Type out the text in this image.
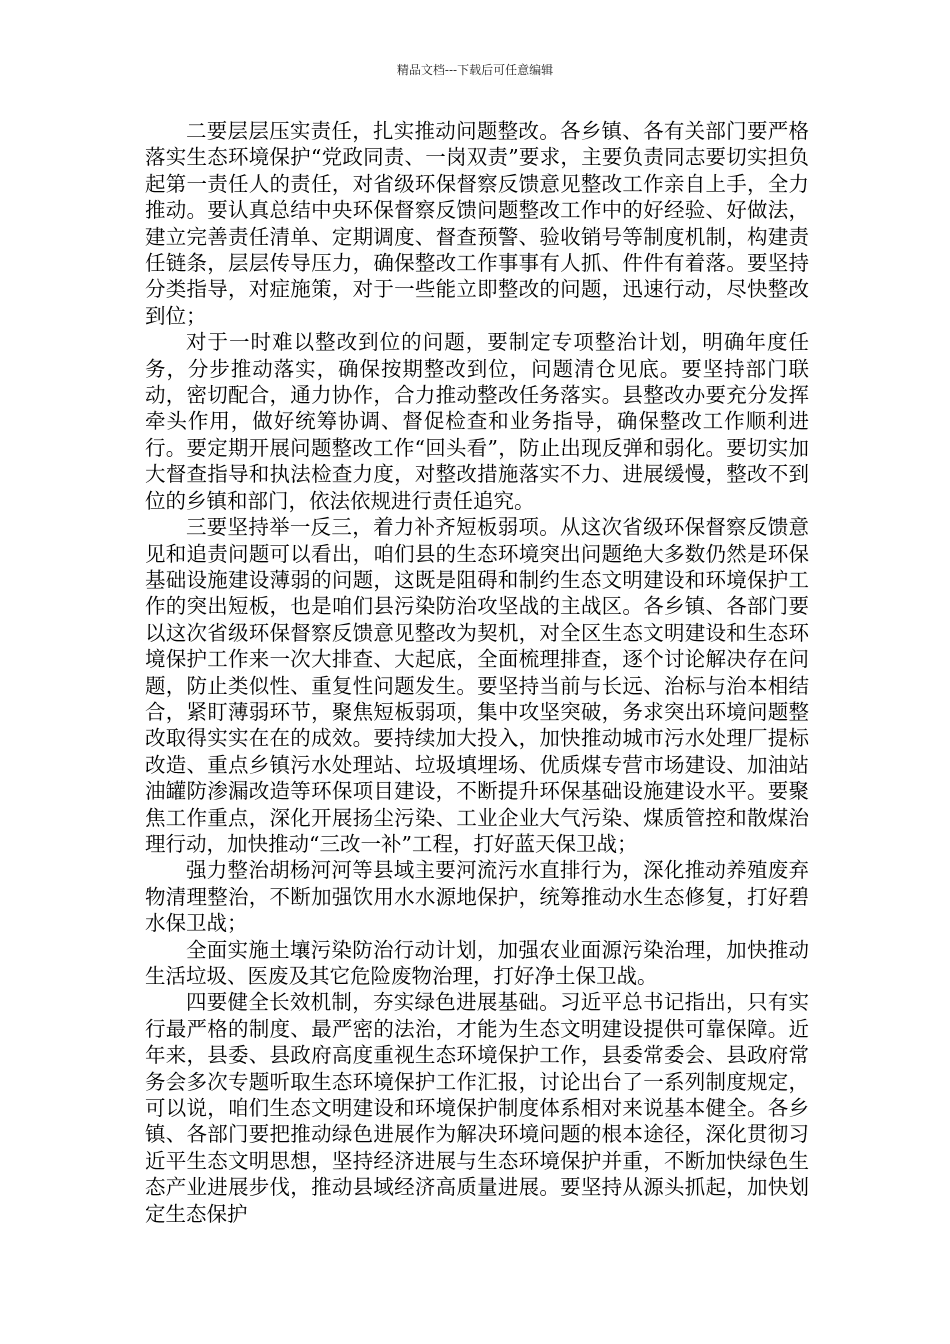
精品文档---下载后可任意编辑

二要层层压实责任，扎实推动问题整改。各乡镇、各有关部门要严格落实生态环境保护“党政同责、一岗双责”要求，主要负责同志要切实担负起第一责任人的责任，对省级环保督察反馈意见整改工作亲自上手，全力推动。要认真总结中央环保督察反馈问题整改工作中的好经验、好做法，建立完善责任清单、定期调度、督查预警、验收销号等制度机制，构建责任链条，层层传导压力，确保整改工作事事有人抓、件件有着落。要坚持分类指导，对症施策，对于一些能立即整改的问题，迅速行动，尽快整改到位；

对于一时难以整改到位的问题，要制定专项整治计划，明确年度任务，分步推动落实，确保按期整改到位，问题清仓见底。要坚持部门联动，密切配合，通力协作，合力推动整改任务落实。县整改办要充分发挥牵头作用，做好统筹协调、督促检查和业务指导，确保整改工作顺利进行。要定期开展问题整改工作“回头看”，防止出现反弹和弱化。要切实加大督查指导和执法检查力度，对整改措施落实不力、进展缓慢，整改不到位的乡镇和部门，依法依规进行责任追究。

三要坚持举一反三，着力补齐短板弱项。从这次省级环保督察反馈意见和追责问题可以看出，咱们县的生态环境突出问题绝大多数仍然是环保基础设施建设薄弱的问题，这既是阻碍和制约生态文明建设和环境保护工作的突出短板，也是咱们县污染防治攻坚战的主战区。各乡镇、各部门要以这次省级环保督察反馈意见整改为契机，对全区生态文明建设和生态环境保护工作来一次大排查、大起底，全面梳理排查，逐个讨论解决存在问题，防止类似性、重复性问题发生。要坚持当前与长远、治标与治本相结合，紧盯薄弱环节，聚焦短板弱项，集中攻坚突破，务求突出环境问题整改取得实实在在的成效。要持续加大投入，加快推动城市污水处理厂提标改造、重点乡镇污水处理站、垃圾填埋场、优质煤专营市场建设、加油站油罐防渗漏改造等环保项目建设，不断提升环保基础设施建设水平。要聚焦工作重点，深化开展扬尘污染、工业企业大气污染、煤质管控和散煤治理行动，加快推动“三改一补”工程，打好蓝天保卫战；

强力整治胡杨河河等县域主要河流污水直排行为，深化推动养殖废弃物清理整治，不断加强饮用水水源地保护，统筹推动水生态修复，打好碧水保卫战；

全面实施土壤污染防治行动计划，加强农业面源污染治理，加快推动生活垃圾、医废及其它危险废物治理，打好净土保卫战。

四要健全长效机制，夯实绿色进展基础。习近平总书记指出，只有实行最严格的制度、最严密的法治，才能为生态文明建设提供可靠保障。近年来，县委、县政府高度重视生态环境保护工作，县委常委会、县政府常务会多次专题听取生态环境保护工作汇报，讨论出台了一系列制度规定，可以说，咱们生态文明建设和环境保护制度体系相对来说基本健全。各乡镇、各部门要把推动绿色进展作为解决环境问题的根本途径，深化贯彻习近平生态文明思想，坚持经济进展与生态环境保护并重，不断加快绿色生态产业进展步伐，推动县域经济高质量进展。要坚持从源头抓起，加快划定生态保护
